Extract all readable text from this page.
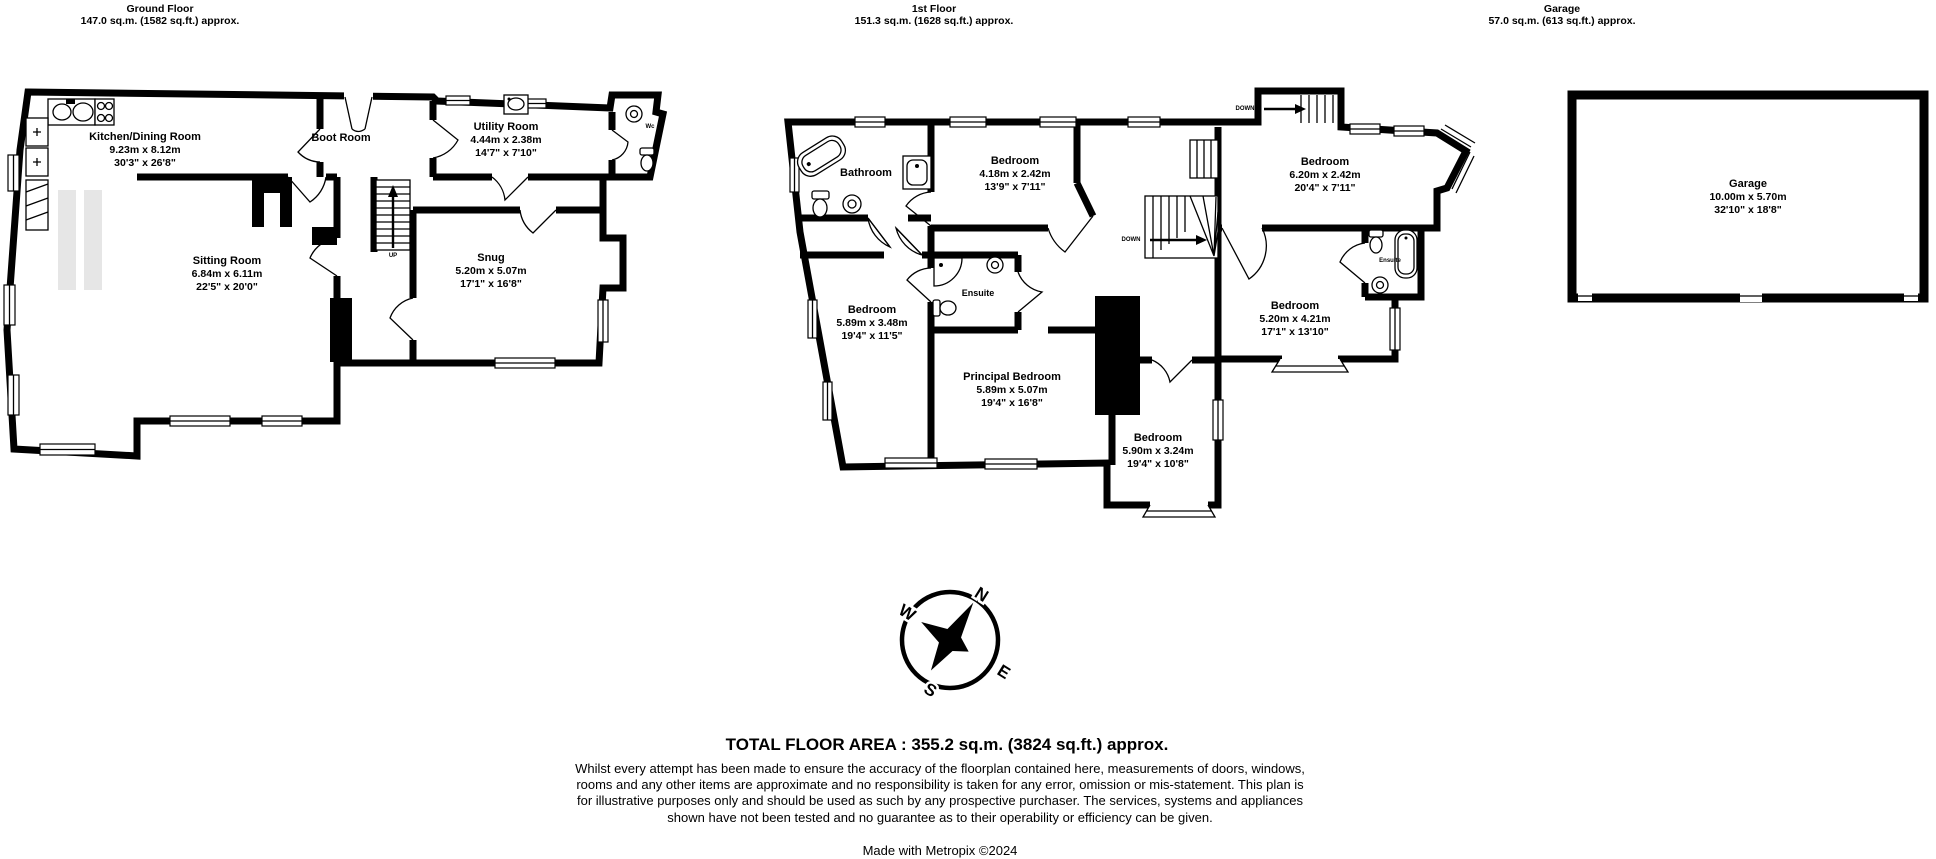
N
E
S
W
Ground Floor
147.0 sq.m. (1582 sq.ft.) approx.
1st Floor
151.3 sq.m. (1628 sq.ft.) approx.
Garage
57.0 sq.m. (613 sq.ft.) approx.
Kitchen/Dining Room
9.23m x 8.12m
30'3" x 26'8"
Boot Room
Utility Room
4.44m x 2.38m
14'7" x 7'10"
Sitting Room
6.84m x 6.11m
22'5" x 20'0"
Snug
5.20m x 5.07m
17'1" x 16'8"
Wc
UP
Bathroom
Bedroom
4.18m x 2.42m
13'9" x 7'11"
Bedroom
6.20m x 2.42m
20'4" x 7'11"
Bedroom
5.89m x 3.48m
19'4" x 11'5"
Ensuite
Principal Bedroom
5.89m x 5.07m
19'4" x 16'8"
Bedroom
5.20m x 4.21m
17'1" x 13'10"
Ensuite
Bedroom
5.90m x 3.24m
19'4" x 10'8"
DOWN
DOWN
Garage
10.00m x 5.70m
32'10" x 18'8"
TOTAL FLOOR AREA : 355.2 sq.m. (3824 sq.ft.) approx.
Whilst every attempt has been made to ensure the accuracy of the floorplan contained here, measurements of doors, windows, rooms and any other items are approximate and no responsibility is taken for any error, omission or mis-statement. This plan is for illustrative purposes only and should be used as such by any prospective purchaser. The services, systems and appliances shown have not been tested and no guarantee as to their operability or efficiency can be given.
Made with Metropix ©2024
